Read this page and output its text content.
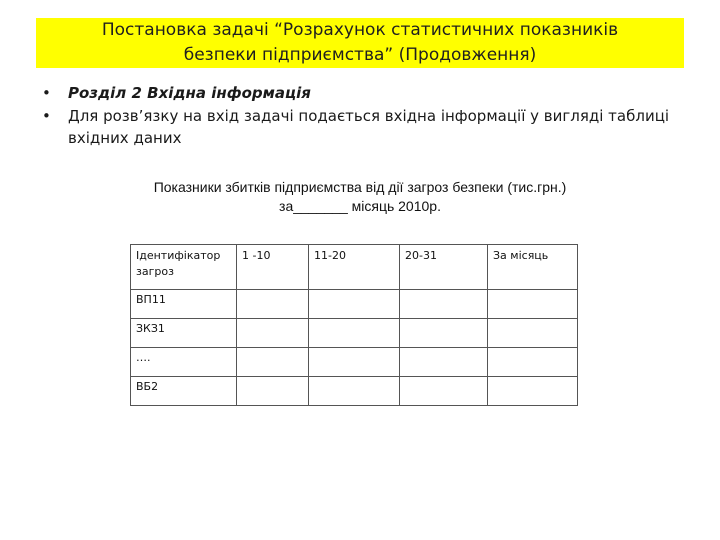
Постановка задачі “Розрахунок статистичних показників
безпеки підприємства” (Продовження)
• Розділ 2 Вхідна інформація
• Для розв’язку на вхід задачі подається вхідна інформації у вигляді таблиці вхідних даних
Показники збитків підприємства від дії загроз безпеки (тис.грн.)
за_______ місяць 2010р.
Ідентифікатор загроз	1 -10	11-20	20-31	За місяць
ВП11				
ЗКЗ1				
….				
ВБ2				
